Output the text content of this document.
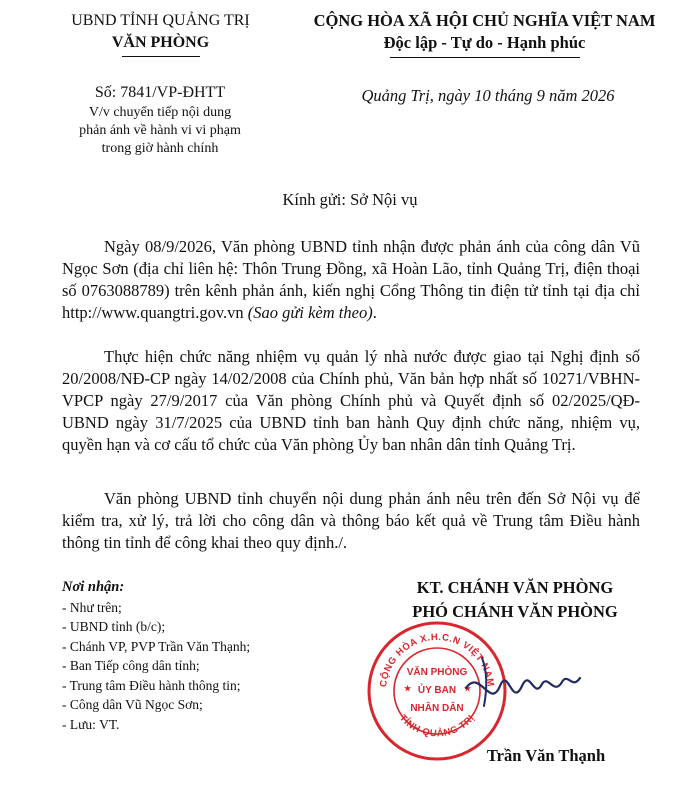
UBND TỈNH QUẢNG TRỊ
VĂN PHÒNG
CỘNG HÒA XÃ HỘI CHỦ NGHĨA VIỆT NAM
Độc lập - Tự do - Hạnh phúc
Số: 7841/VP-ĐHTT
V/v chuyển tiếp nội dung
phản ánh về hành vi vi phạm
trong giờ hành chính
Quảng Trị, ngày 10 tháng 9 năm 2026
Kính gửi: Sở Nội vụ

Ngày 08/9/2026, Văn phòng UBND tỉnh nhận được phản ánh của công dân Vũ Ngọc Sơn (địa chỉ liên hệ: Thôn Trung Đồng, xã Hoàn Lão, tỉnh Quảng Trị, điện thoại số 0763088789) trên kênh phản ánh, kiến nghị Cổng Thông tin điện tử tỉnh tại địa chỉ http://www.quangtri.gov.vn (Sao gửi kèm theo).

Thực hiện chức năng nhiệm vụ quản lý nhà nước được giao tại Nghị định số 20/2008/NĐ-CP ngày 14/02/2008 của Chính phủ, Văn bản hợp nhất số 10271/VBHN-VPCP ngày 27/9/2017 của Văn phòng Chính phủ và Quyết định số 02/2025/QĐ-UBND ngày 31/7/2025 của UBND tỉnh ban hành Quy định chức năng, nhiệm vụ, quyền hạn và cơ cấu tổ chức của Văn phòng Ủy ban nhân dân tỉnh Quảng Trị.

Văn phòng UBND tỉnh chuyển nội dung phản ánh nêu trên đến Sở Nội vụ để kiểm tra, xử lý, trả lời cho công dân và thông báo kết quả về Trung tâm Điều hành thông tin tỉnh để công khai theo quy định./.

Nơi nhận:
- Như trên;
- UBND tỉnh (b/c);
- Chánh VP, PVP Trần Văn Thạnh;
- Ban Tiếp công dân tỉnh;
- Trung tâm Điều hành thông tin;
- Công dân Vũ Ngọc Sơn;
- Lưu: VT.
KT. CHÁNH VĂN PHÒNG
PHÓ CHÁNH VĂN PHÒNG
CỘNG HÒA X.H.C.N VIỆT NAM
TỈNH QUẢNG TRỊ
★	★
VĂN PHÒNG
ỦY BAN
NHÂN DÂN
Trần Văn Thạnh
